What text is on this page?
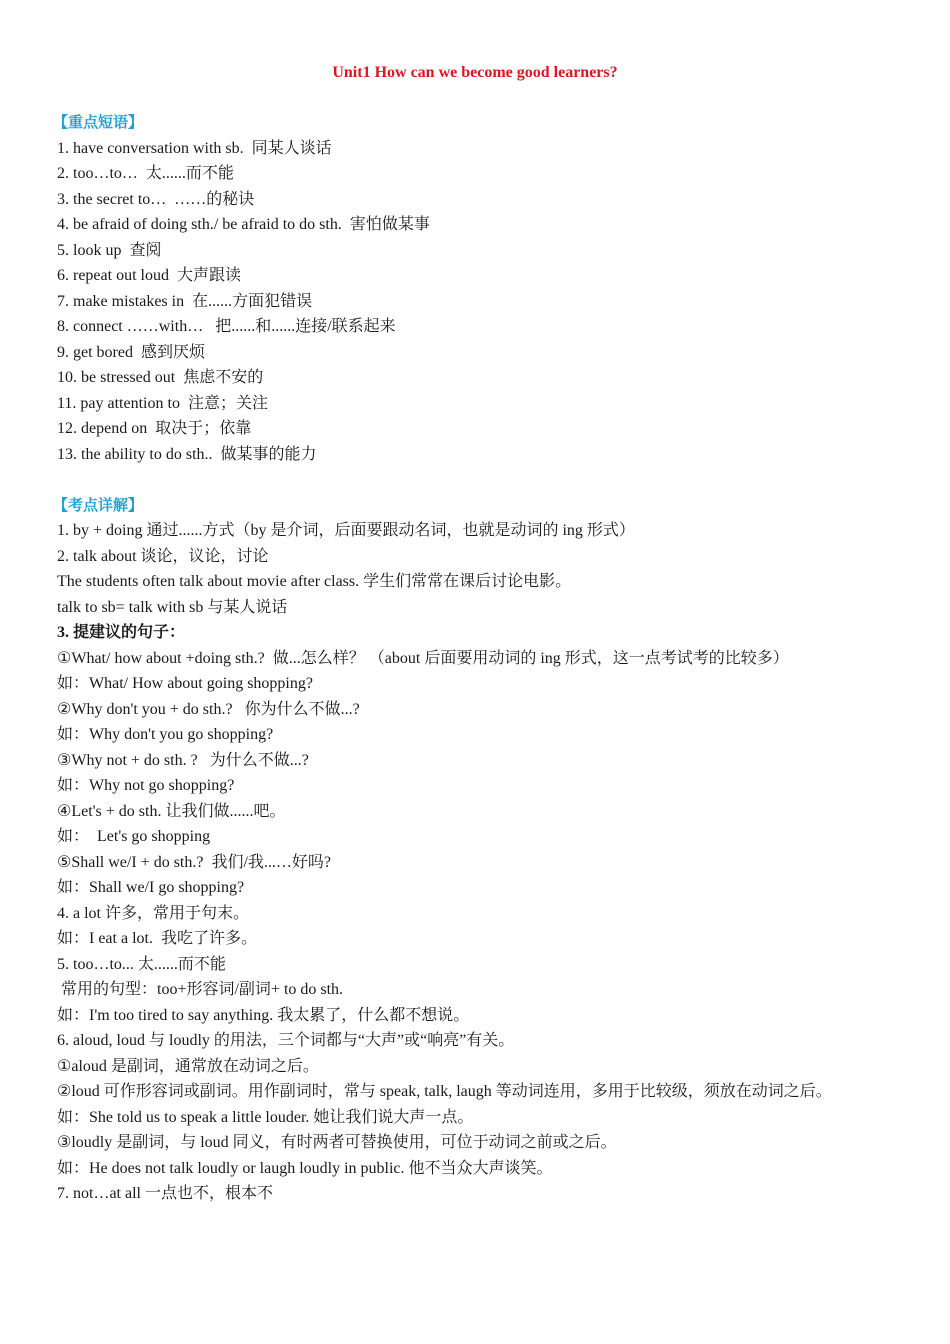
Unit1 How can we become good learners?
【重点短语】
1. have conversation with sb.  同某人谈话
2. too…to…  太......而不能
3. the secret to…  ……的秘诀
4. be afraid of doing sth./ be afraid to do sth.  害怕做某事
5. look up  查阅
6. repeat out loud  大声跟读
7. make mistakes in  在......方面犯错误
8. connect ……with…   把......和......连接/联系起来
9. get bored  感到厌烦
10. be stressed out  焦虑不安的
11. pay attention to  注意；关注
12. depend on  取决于；依靠
13. the ability to do sth..  做某事的能力
【考点详解】
1. by + doing 通过......方式（by 是介词，后面要跟动名词，也就是动词的 ing 形式）
2. talk about 谈论，议论，讨论
The students often talk about movie after class. 学生们常常在课后讨论电影。
talk to sb= talk with sb 与某人说话
3. 提建议的句子：
①What/ how about +doing sth.?  做...怎么样？ （about 后面要用动词的 ing 形式，这一点考试考的比较多）
如：What/ How about going shopping?
②Why don't you + do sth.?   你为什么不做...?
如：Why don't you go shopping?
③Why not + do sth. ?   为什么不做...?
如：Why not go shopping?
④Let's + do sth. 让我们做......吧。
如：  Let's go shopping
⑤Shall we/I + do sth.?  我们/我...…好吗?
如：Shall we/I go shopping?
4. a lot 许多，常用于句末。
如：I eat a lot.  我吃了许多。
5. too…to... 太......而不能
常用的句型：too+形容词/副词+ to do sth.
如：I'm too tired to say anything. 我太累了，什么都不想说。
6. aloud, loud 与 loudly 的用法，三个词都与“大声”或“响亮”有关。
①aloud 是副词，通常放在动词之后。
②loud 可作形容词或副词。用作副词时，常与 speak, talk, laugh 等动词连用，多用于比较级，须放在动词之后。
如：She told us to speak a little louder. 她让我们说大声一点。
③loudly 是副词，与 loud 同义，有时两者可替换使用，可位于动词之前或之后。
如：He does not talk loudly or laugh loudly in public. 他不当众大声谈笑。
7. not…at all 一点也不，根本不
